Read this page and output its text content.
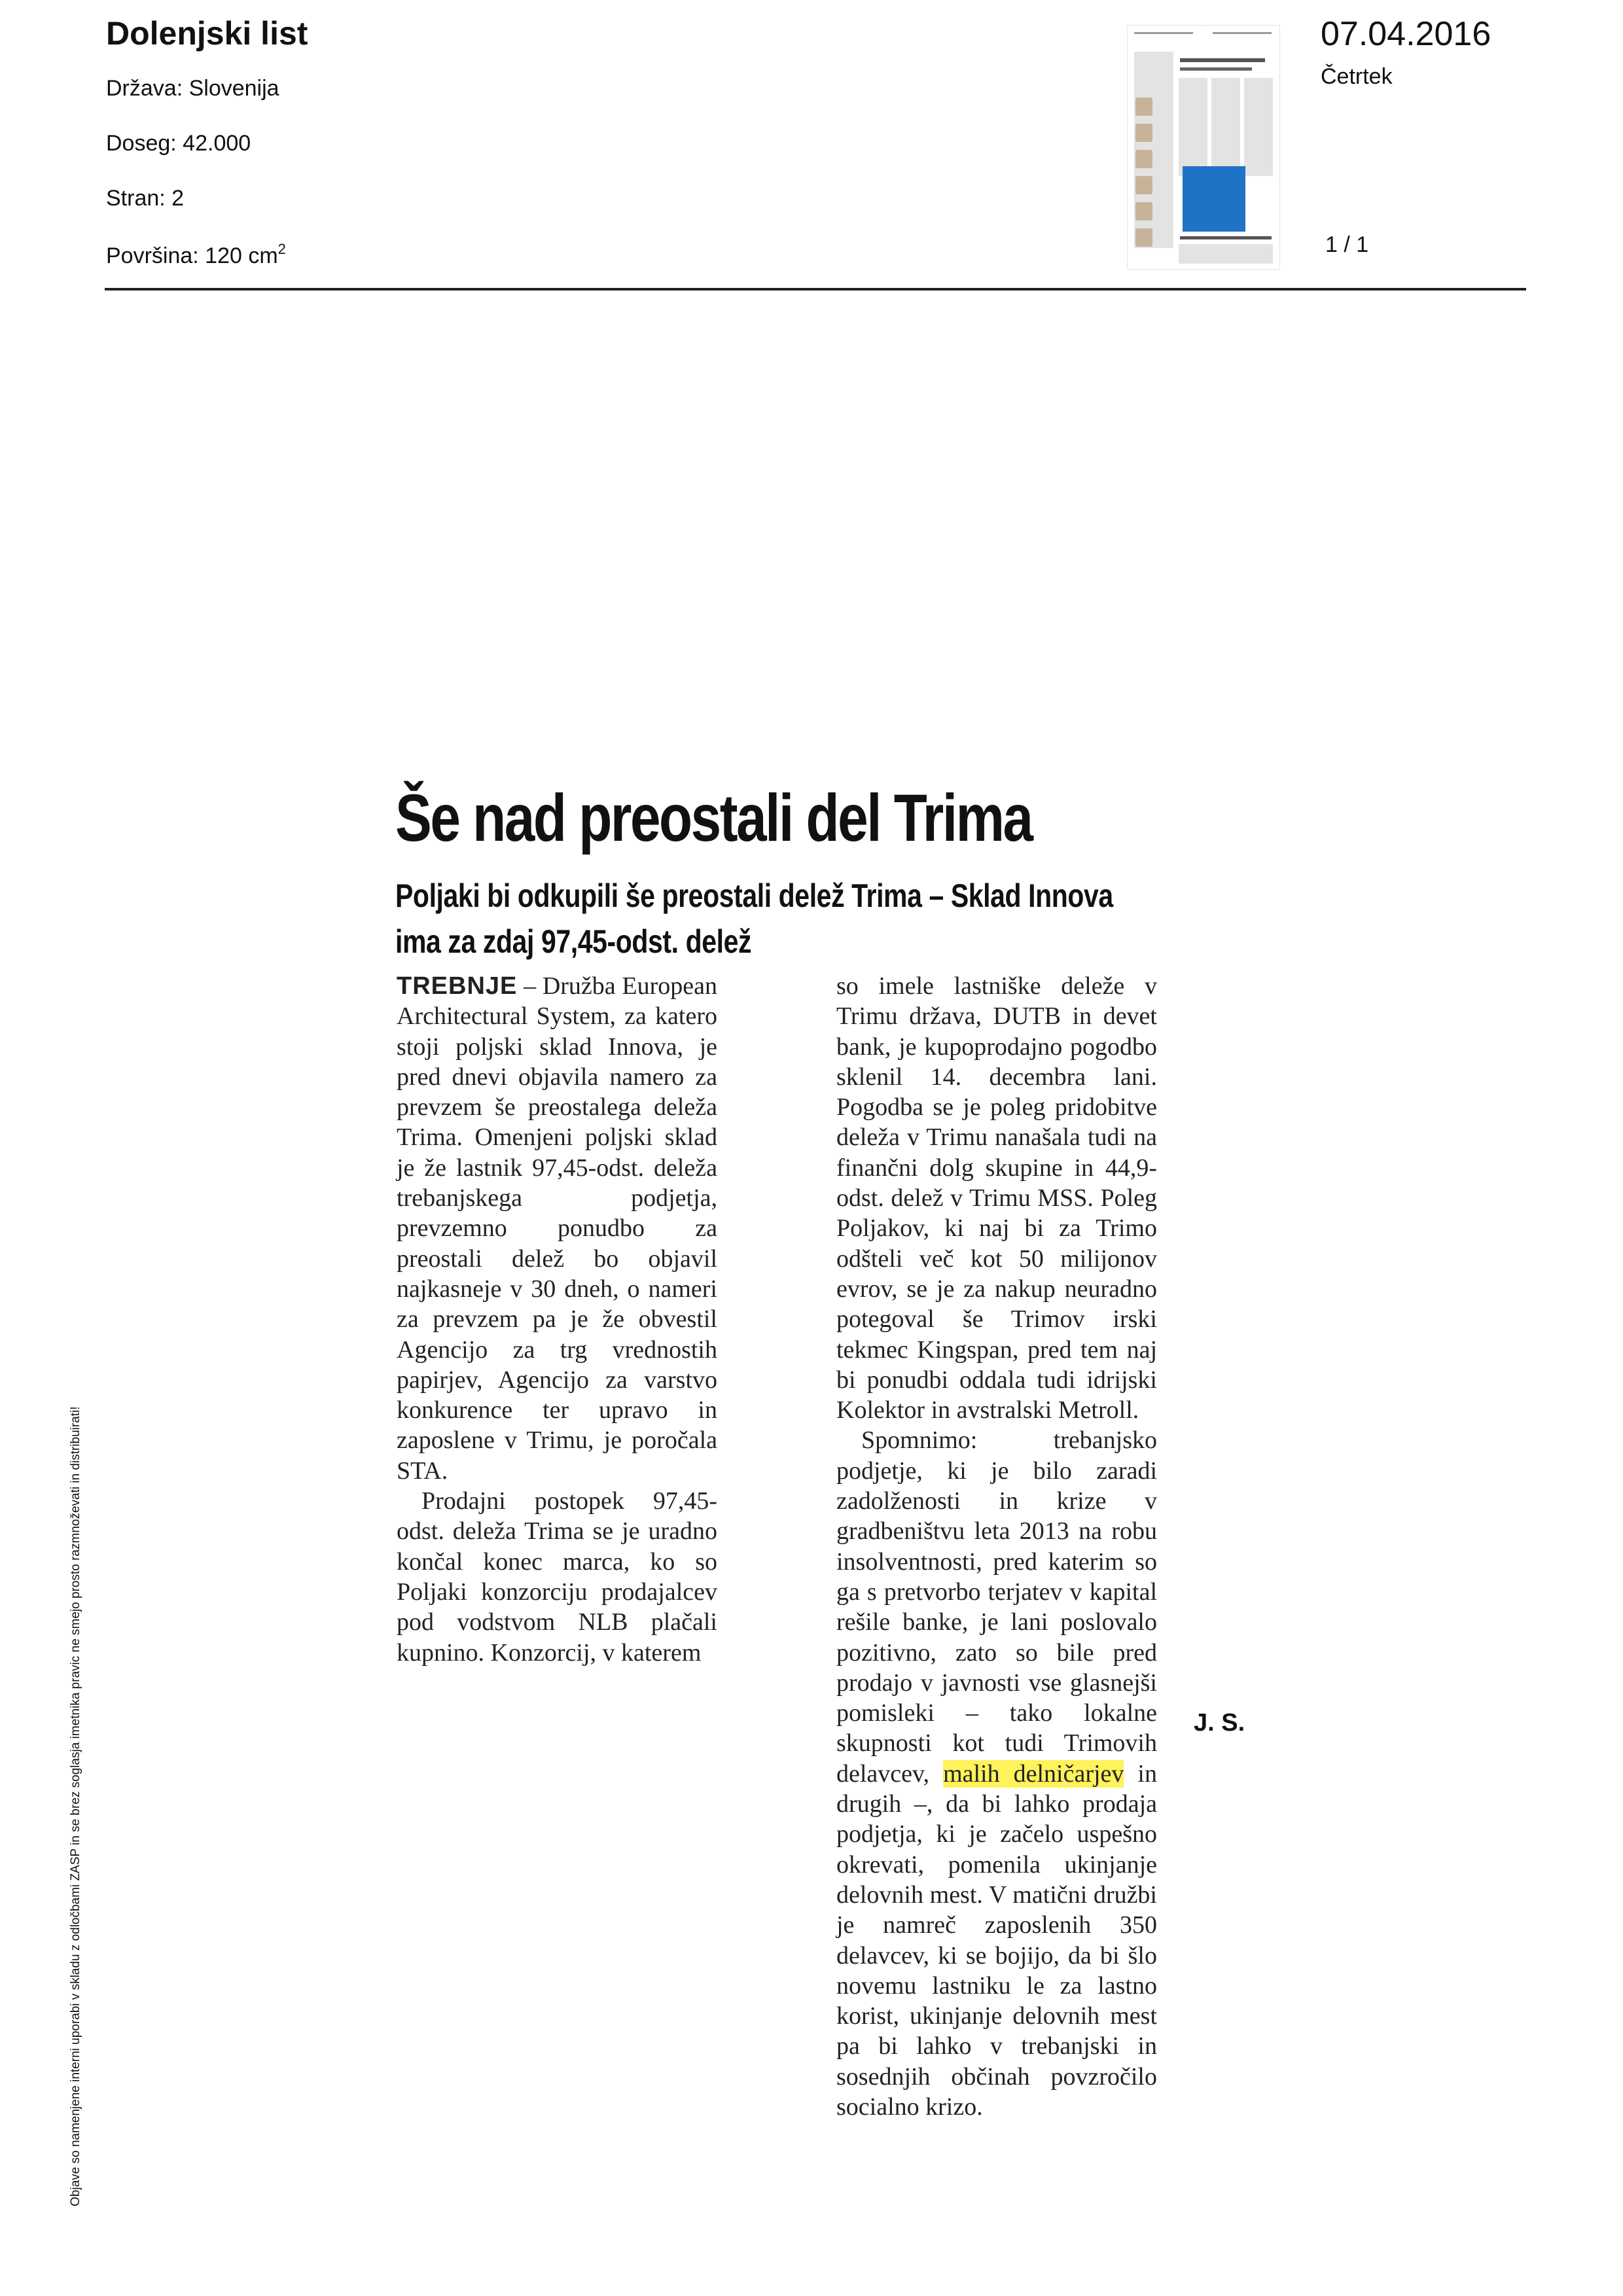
Dolenjski list
Država: Slovenija
Doseg: 42.000
Stran: 2
Površina: 120 $cm^2$
07.04.2016
Četrtek
1 / 1
Objave so namenjene interni uporabi v skladu z odločbami ZASP in se brez soglasja imetnika pravic ne smejo prosto razmnoževati in distribuirati!
Še nad preostali del Trima
Poljaki bi odkupili še preostali delež Trima – Sklad Innova ima za zdaj 97,45-odst. delež

TREBNJE – Družba European Architectural System, za katero stoji poljski sklad Innova, je pred dnevi objavila namero za prevzem še preostalega deleža Trima. Omenjeni poljski sklad je že lastnik 97,45-odst. deleža trebanjskega podjetja, prevzemno ponudbo za preostali delež bo objavil najkasneje v 30 dneh, o nameri za prevzem pa je že obvestil Agencijo za trg vrednostih papirjev, Agencijo za varstvo konkurence ter upravo in zaposlene v Trimu, je poročala STA.

Prodajni postopek 97,45-odst. deleža Trima se je uradno končal konec marca, ko so Poljaki konzorciju prodajalcev pod vodstvom NLB plačali kupnino. Konzorcij, v katerem

so imele lastniške deleže v Trimu država, DUTB in devet bank, je kupoprodajno pogodbo sklenil 14. decembra lani. Pogodba se je poleg pridobitve deleža v Trimu nanašala tudi na finančni dolg skupine in 44,9-odst. delež v Trimu MSS. Poleg Poljakov, ki naj bi za Trimo odšteli več kot 50 milijonov evrov, se je za nakup neuradno potegoval še Trimov irski tekmec Kingspan, pred tem naj bi ponudbi oddala tudi idrijski Kolektor in avstralski Metroll.

Spomnimo: trebanjsko podjetje, ki je bilo zaradi zadolženosti in krize v gradbeništvu leta 2013 na robu insolventnosti, pred katerim so ga s pretvorbo terjatev v kapital rešile banke, je lani poslovalo pozitivno, zato so bile pred prodajo v javnosti vse glasnejši pomisleki – tako lokalne skupnosti kot tudi Trimovih delavcev, malih delničarjev in drugih –, da bi lahko prodaja podjetja, ki je začelo uspešno okrevati, pomenila ukinjanje delovnih mest. V matični družbi je namreč zaposlenih 350 delavcev, ki se bojijo, da bi šlo novemu lastniku le za lastno korist, ukinjanje delovnih mest pa bi lahko v trebanjski in sosednjih občinah povzročilo socialno krizo.

J. S.
